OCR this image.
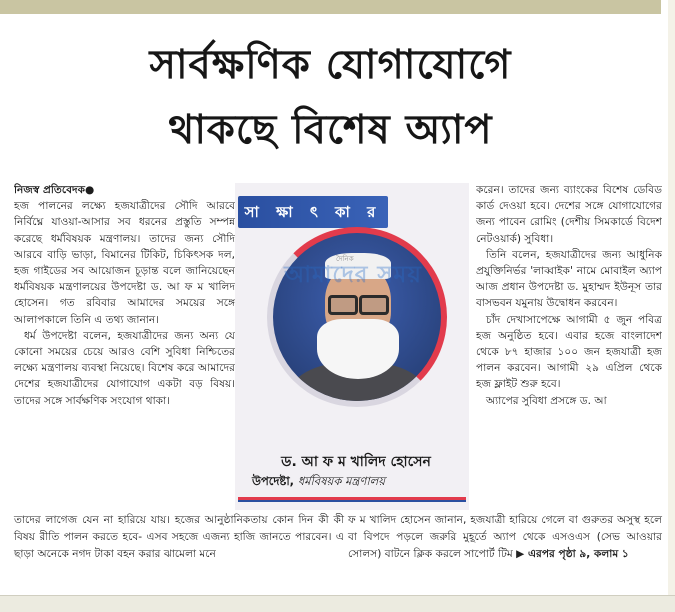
সার্বক্ষণিক যোগাযোগে
থাকছে বিশেষ অ্যাপ

নিজস্ব প্রতিবেদক●

হজ পালনের লক্ষ্যে হজযাত্রীদের সৌদি আরবে নির্বিঘ্নে যাওয়া-আসার সব ধরনের প্রস্তুতি সম্পন্ন করেছে ধর্মবিষয়ক মন্ত্রণালয়। তাদের জন্য সৌদি আরবে বাড়ি ভাড়া, বিমানের টিকিট, চিকিৎসক দল, হজ গাইডের সব আয়োজন চূড়ান্ত বলে জানিয়েছেন ধর্মবিষয়ক মন্ত্রণালয়ের উপদেষ্টা ড. আ ফ ম খালিদ হোসেন। গত রবিবার আমাদের সময়ের সঙ্গে আলাপকালে তিনি এ তথ্য জানান।

ধর্ম উপদেষ্টা বলেন, হজযাত্রীদের জন্য অন্য যে কোনো সময়ের চেয়ে আরও বেশি সুবিধা নিশ্চিতের লক্ষ্যে মন্ত্রণালয় ব্যবস্থা নিয়েছে। বিশেষ করে আমাদের দেশের হজযাত্রীদের যোগাযোগ একটা বড় বিষয়। তাদের সঙ্গে সার্বক্ষণিক সংযোগ থাকা।

সা ক্ষা ৎ কা র
দৈনিক
আমাদের সময়
ড. আ ফ ম খালিদ হোসেন
উপদেষ্টা, ধর্মবিষয়ক মন্ত্রণালয়

করেন। তাদের জন্য ব্যাংকের বিশেষ ডেবিড কার্ড দেওয়া হবে। দেশের সঙ্গে যোগাযোগের জন্য পাবেন রোমিং (দেশীয় সিমকার্ডে বিদেশ নেটওয়ার্ক) সুবিধা।

তিনি বলেন, হজযাত্রীদের জন্য আধুনিক প্রযুক্তিনির্ভর 'লাব্বাইক' নামে মোবাইল অ্যাপ আজ প্রধান উপদেষ্টা ড. মুহাম্মদ ইউনূস তার বাসভবন যমুনায় উদ্বোধন করবেন।

চাঁদ দেখাসাপেক্ষে আগামী ৫ জুন পবিত্র হজ অনুষ্ঠিত হবে। এবার হজে বাংলাদেশ থেকে ৮৭ হাজার ১০০ জন হজযাত্রী হজ পালন করবেন। আগামী ২৯ এপ্রিল থেকে হজ ফ্লাইট শুরু হবে।

অ্যাপের সুবিধা প্রসঙ্গে ড. আ

তাদের লাগেজ যেন না হারিয়ে যায়। হজের আনুষ্ঠানিকতায় কোন দিন কী কী বিষয় রীতি পালন করতে হবে- এসব সহজে এজন্য হাজি জানতে পারবেন। এ ছাড়া অনেকে নগদ টাকা বহন করার ঝামেলা মনে
ফ ম খালিদ হোসেন জানান, হজযাত্রী হারিয়ে গেলে বা গুরুতর অসুস্থ হলে বা বিপদে পড়লে জরুরি মুহূর্তে অ্যাপ থেকে এসওএস (সেভ আওয়ার সোলস) বাটনে ক্লিক করলে সাপোর্ট টিম ▶ এরপর পৃষ্ঠা ৯, কলাম ১
